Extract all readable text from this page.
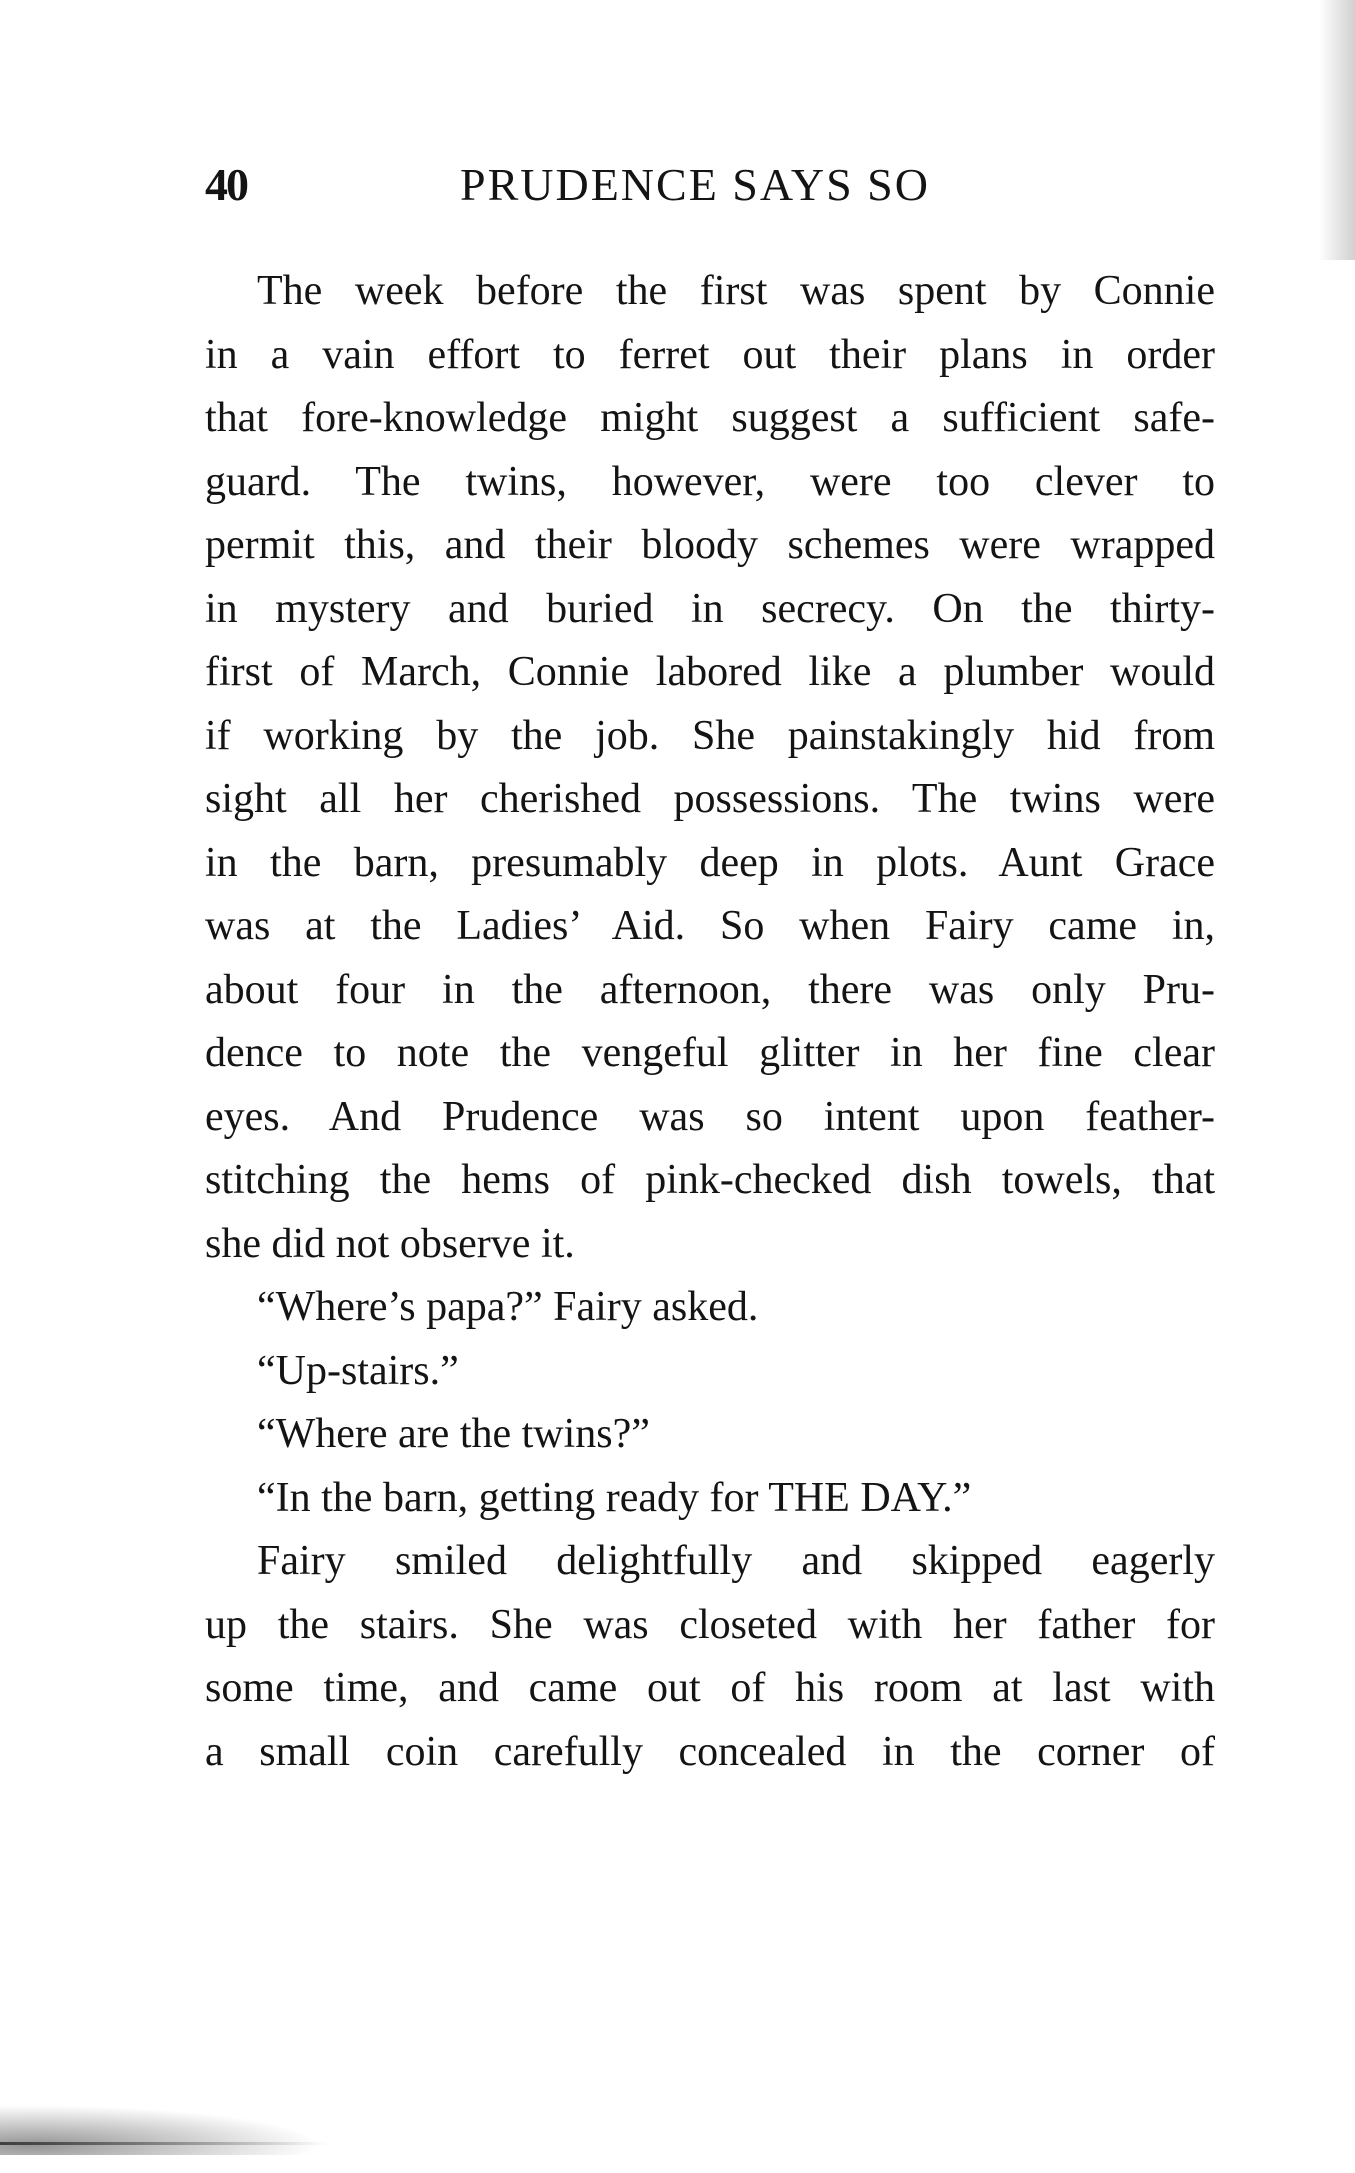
40	PRUDENCE SAYS SO
The week before the first was spent by Connie
in a vain effort to ferret out their plans in order
that fore-knowledge might suggest a sufficient safe-
guard. The twins, however, were too clever to
permit this, and their bloody schemes were wrapped
in mystery and buried in secrecy. On the thirty-
first of March, Connie labored like a plumber would
if working by the job. She painstakingly hid from
sight all her cherished possessions. The twins were
in the barn, presumably deep in plots. Aunt Grace
was at the Ladies’ Aid. So when Fairy came in,
about four in the afternoon, there was only Pru-
dence to note the vengeful glitter in her fine clear
eyes. And Prudence was so intent upon feather-
stitching the hems of pink-checked dish towels, that
she did not observe it.
“Where’s papa?” Fairy asked.
“Up-stairs.”
“Where are the twins?”
“In the barn, getting ready for THE DAY.”
Fairy smiled delightfully and skipped eagerly
up the stairs. She was closeted with her father for
some time, and came out of his room at last with
a small coin carefully concealed in the corner of
